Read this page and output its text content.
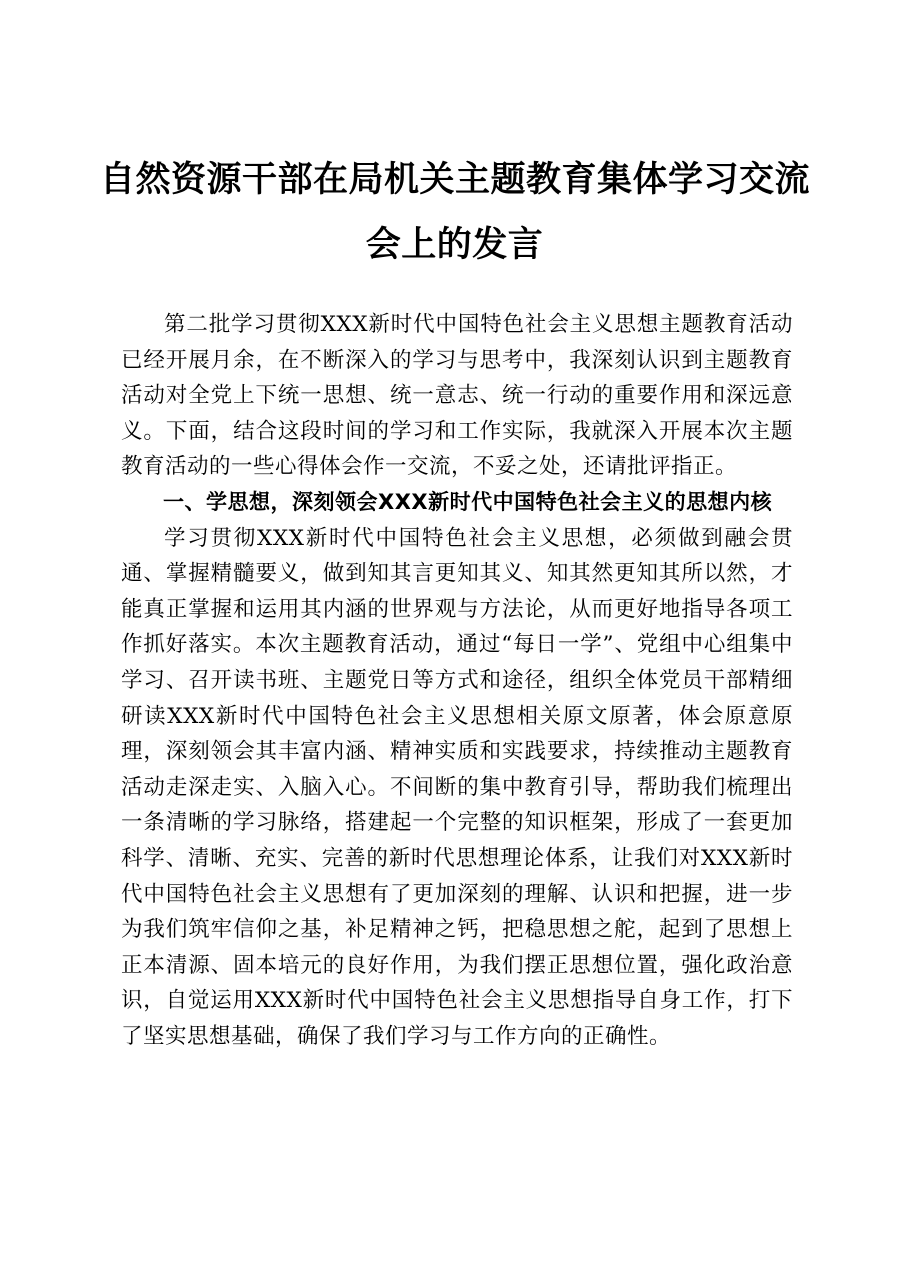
自然资源干部在局机关主题教育集体学习交流
会上的发言

第二批学习贯彻XXX新时代中国特色社会主义思想主题教育活动已经开展月余，在不断深入的学习与思考中，我深刻认识到主题教育活动对全党上下统一思想、统一意志、统一行动的重要作用和深远意义。下面，结合这段时间的学习和工作实际，我就深入开展本次主题教育活动的一些心得体会作一交流，不妥之处，还请批评指正。

一、学思想，深刻领会XXX新时代中国特色社会主义的思想内核

学习贯彻XXX新时代中国特色社会主义思想，必须做到融会贯通、掌握精髓要义，做到知其言更知其义、知其然更知其所以然，才能真正掌握和运用其内涵的世界观与方法论，从而更好地指导各项工作抓好落实。本次主题教育活动，通过“每日一学”、党组中心组集中学习、召开读书班、主题党日等方式和途径，组织全体党员干部精细研读XXX新时代中国特色社会主义思想相关原文原著，体会原意原理，深刻领会其丰富内涵、精神实质和实践要求，持续推动主题教育活动走深走实、入脑入心。不间断的集中教育引导，帮助我们梳理出一条清晰的学习脉络，搭建起一个完整的知识框架，形成了一套更加科学、清晰、充实、完善的新时代思想理论体系，让我们对XXX新时代中国特色社会主义思想有了更加深刻的理解、认识和把握，进一步为我们筑牢信仰之基，补足精神之钙，把稳思想之舵，起到了思想上正本清源、固本培元的良好作用，为我们摆正思想位置，强化政治意识，自觉运用XXX新时代中国特色社会主义思想指导自身工作，打下了坚实思想基础，确保了我们学习与工作方向的正确性。
